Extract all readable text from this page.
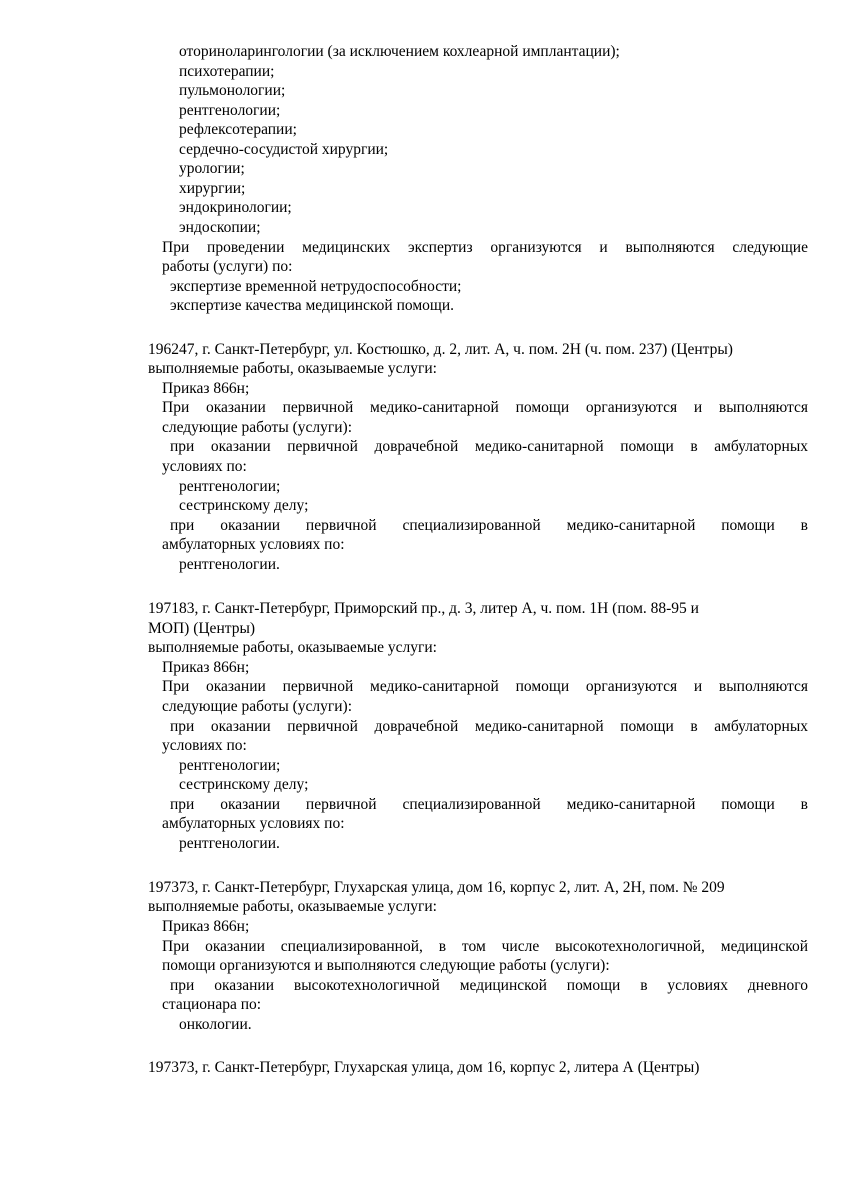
оториноларингологии (за исключением кохлеарной имплантации);
психотерапии;
пульмонологии;
рентгенологии;
рефлексотерапии;
сердечно-сосудистой хирургии;
урологии;
хирургии;
эндокринологии;
эндоскопии;
При проведении медицинских экспертиз организуются и выполняются следующие
работы (услуги) по:
экспертизе временной нетрудоспособности;
экспертизе качества медицинской помощи.
196247, г. Санкт-Петербург, ул. Костюшко, д. 2, лит. А, ч. пом. 2Н (ч. пом. 237) (Центры)
выполняемые работы, оказываемые услуги:
Приказ 866н;
При оказании первичной медико-санитарной помощи организуются и выполняются
следующие работы (услуги):
при оказании первичной доврачебной медико-санитарной помощи в амбулаторных
условиях по:
рентгенологии;
сестринскому делу;
при оказании первичной специализированной медико-санитарной помощи в
амбулаторных условиях по:
рентгенологии.
197183, г. Санкт-Петербург, Приморский пр., д. 3, литер А, ч. пом. 1Н (пом. 88-95 и
МОП) (Центры)
выполняемые работы, оказываемые услуги:
Приказ 866н;
При оказании первичной медико-санитарной помощи организуются и выполняются
следующие работы (услуги):
при оказании первичной доврачебной медико-санитарной помощи в амбулаторных
условиях по:
рентгенологии;
сестринскому делу;
при оказании первичной специализированной медико-санитарной помощи в
амбулаторных условиях по:
рентгенологии.
197373, г. Санкт-Петербург, Глухарская улица, дом 16, корпус 2, лит. А, 2Н, пом. № 209
выполняемые работы, оказываемые услуги:
Приказ 866н;
При оказании специализированной, в том числе высокотехнологичной, медицинской
помощи организуются и выполняются следующие работы (услуги):
при оказании высокотехнологичной медицинской помощи в условиях дневного
стационара по:
онкологии.
197373, г. Санкт-Петербург, Глухарская улица, дом 16, корпус 2, литера А (Центры)
